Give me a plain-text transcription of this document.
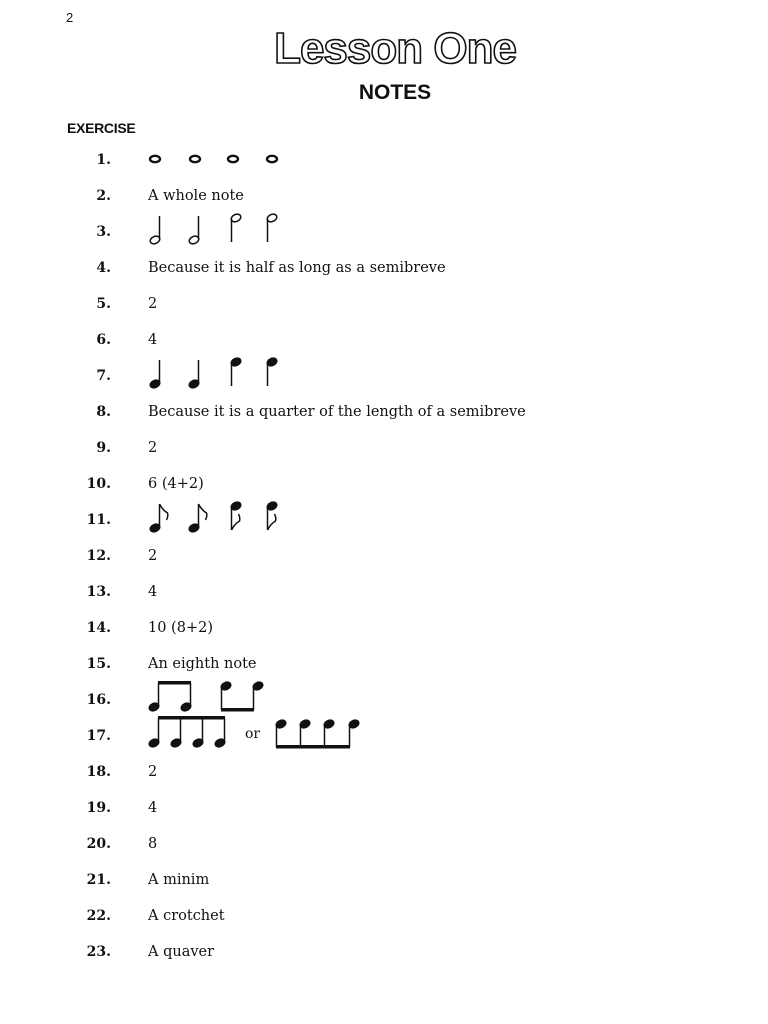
2
Lesson One
NOTES
EXERCISE
1.
2.	A whole note
3.
4.	Because it is half as long as a semibreve
5.	2
6.	4
7.
8.	Because it is a quarter of the length of a semibreve
9.	2
10.	6 (4+2)
11.
12.	2
13.	4
14.	10 (8+2)
15.	An eighth note
16.
17.	or
18.	2
19.	4
20.	8
21.	A minim
22.	A crotchet
23.	A quaver
